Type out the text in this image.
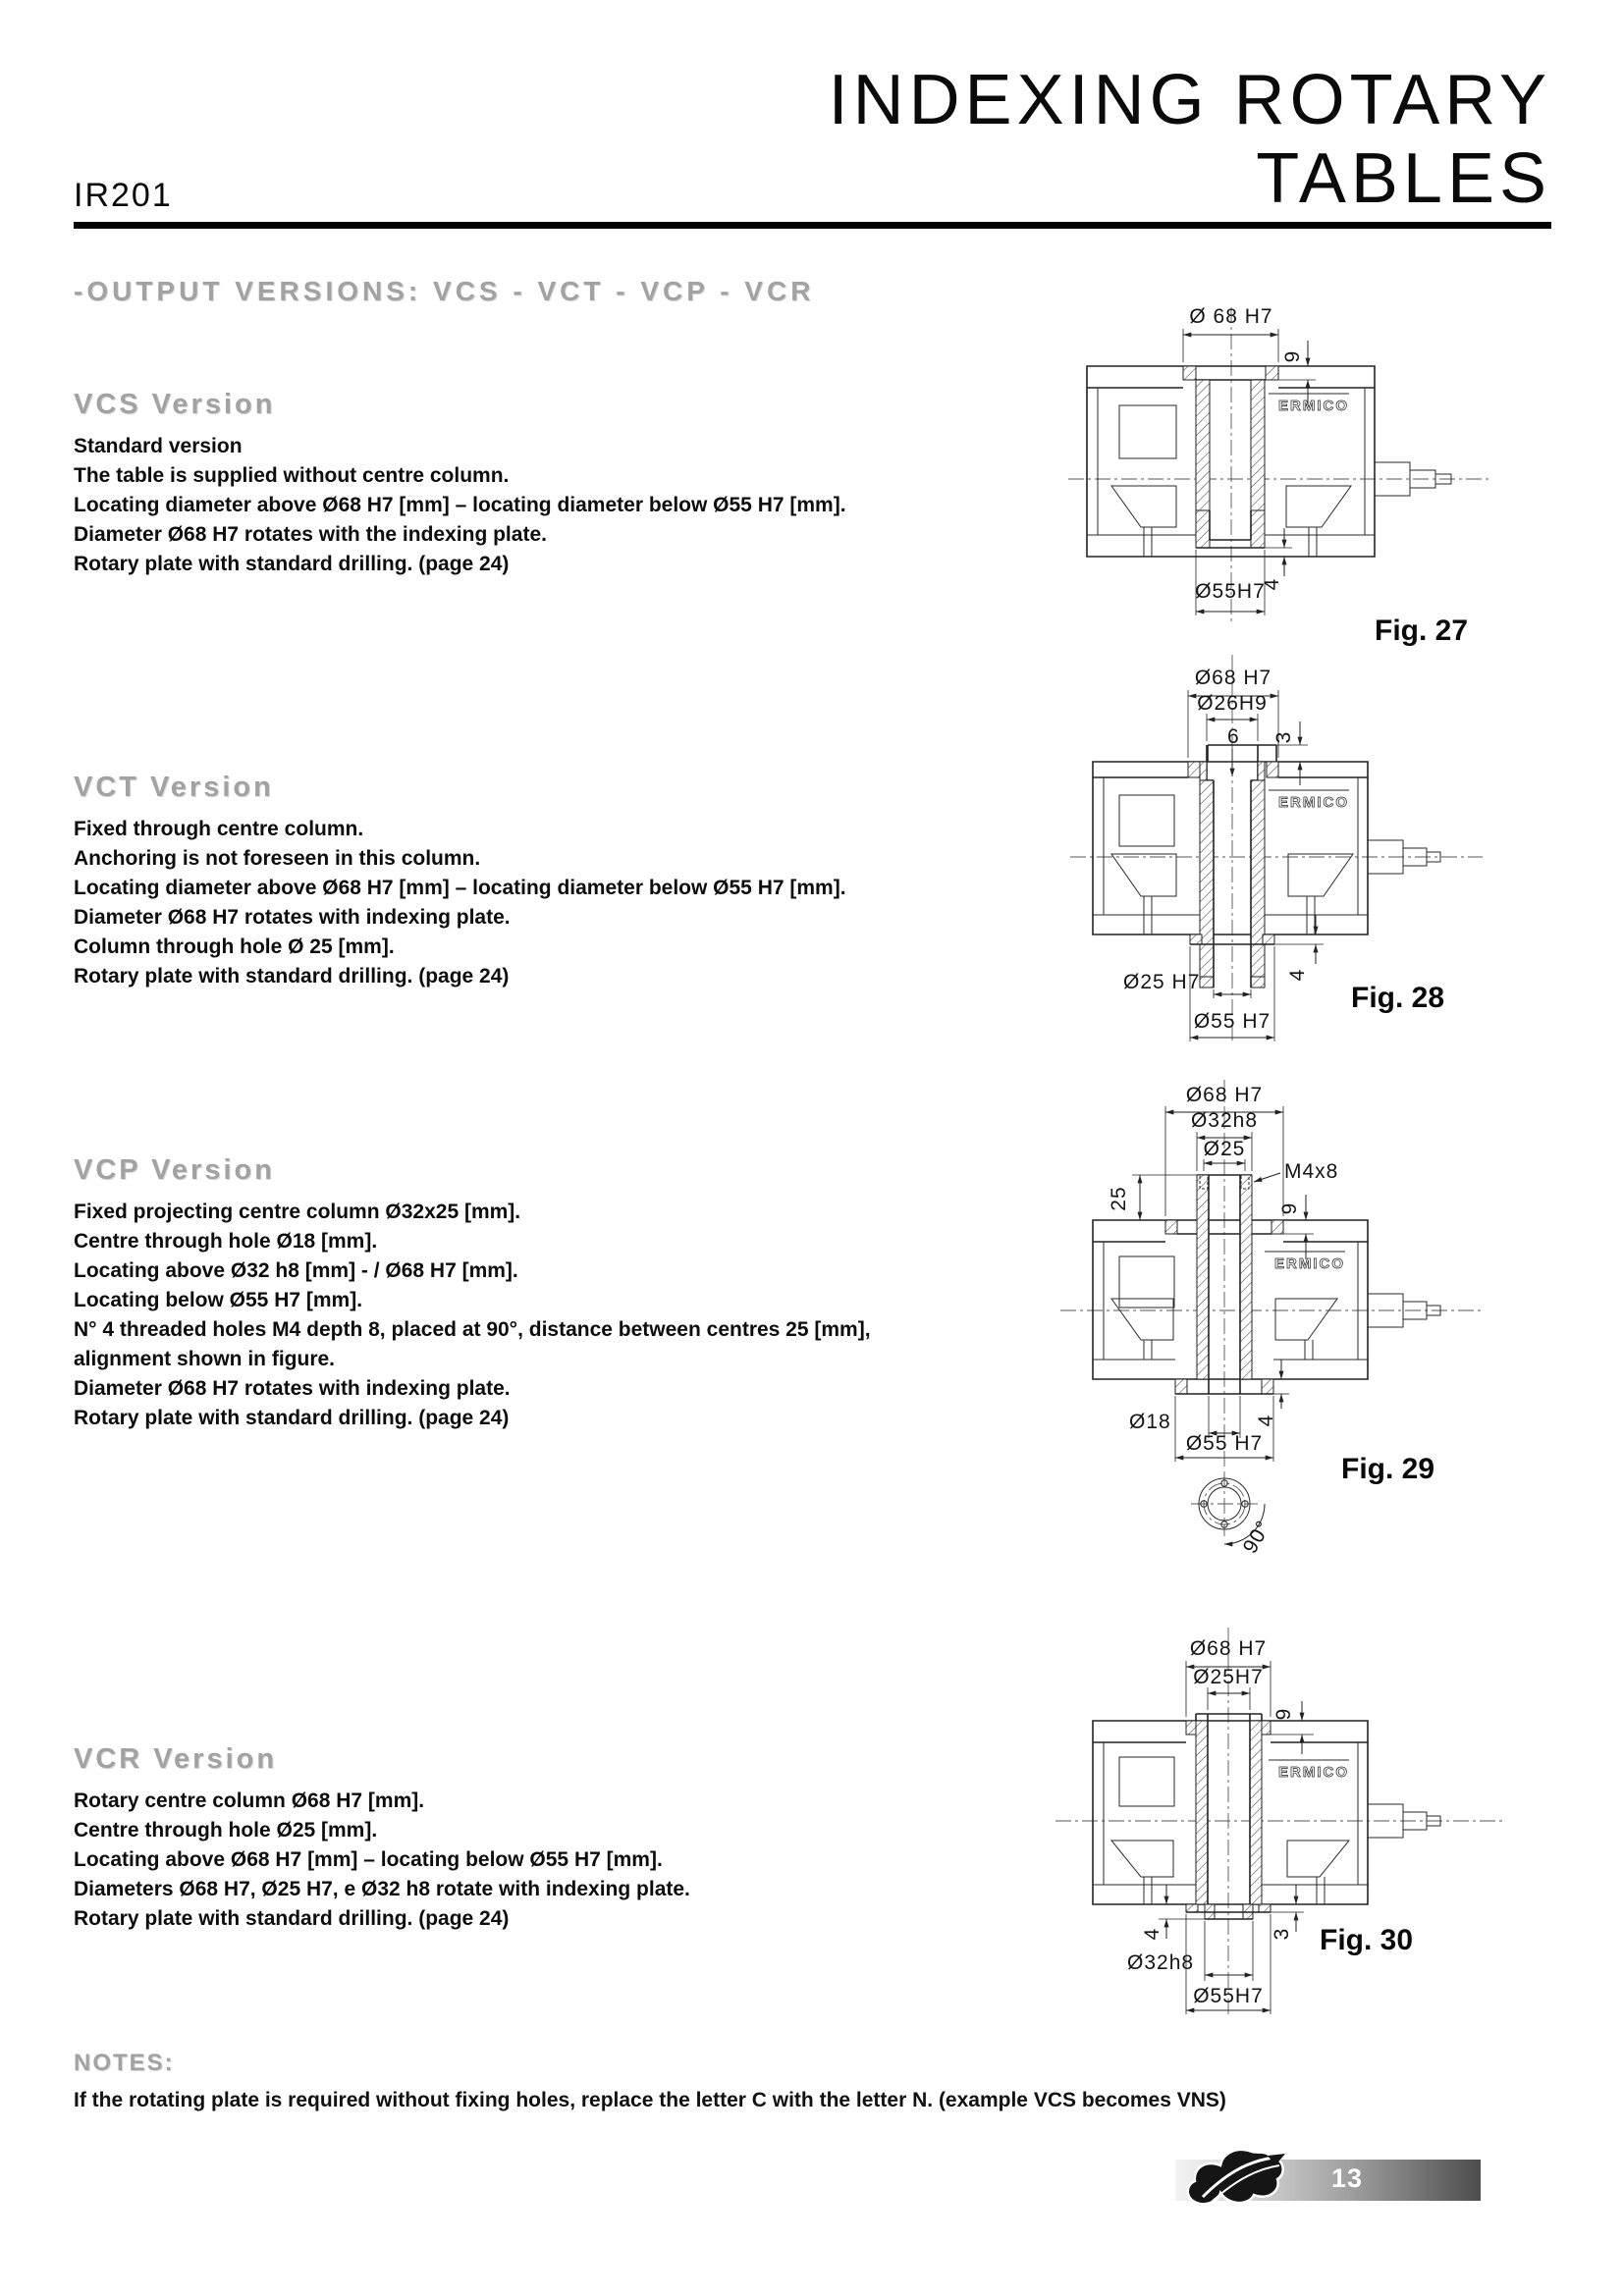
INDEXING ROTARY
TABLES
IR201
-OUTPUT VERSIONS: VCS - VCT - VCP - VCR
VCS Version
Standard version
The table is supplied without centre column.
Locating diameter above Ø68 H7 [mm] – locating diameter below Ø55 H7 [mm].
Diameter Ø68 H7 rotates with the indexing plate.
Rotary plate with standard drilling. (page 24)
VCT Version
Fixed through centre column.
Anchoring is not foreseen in this column.
Locating diameter above Ø68 H7 [mm] – locating diameter below Ø55 H7 [mm].
Diameter Ø68 H7 rotates with indexing plate.
Column through hole Ø 25 [mm].
Rotary plate with standard drilling. (page 24)
VCP Version
Fixed projecting centre column Ø32x25 [mm].
Centre through hole Ø18 [mm].
Locating above Ø32 h8 [mm] - / Ø68 H7 [mm].
Locating below Ø55 H7 [mm].
N° 4 threaded holes M4 depth 8, placed at 90°, distance between centres 25 [mm],
alignment shown in figure.
Diameter Ø68 H7 rotates with indexing plate.
Rotary plate with standard drilling. (page 24)
VCR Version
Rotary centre column Ø68 H7 [mm].
Centre through hole Ø25 [mm].
Locating above Ø68 H7 [mm] – locating below Ø55 H7 [mm].
Diameters Ø68 H7, Ø25 H7, e Ø32 h8 rotate with indexing plate.
Rotary plate with standard drilling. (page 24)
ERMICO
Ø 68 H7
9
Ø55H7
4
Fig. 27
ERMICO
Ø68 H7
Ø26H9
6 3
Ø25 H7
Ø55 H7
4
Fig. 28
ERMICO
Ø68 H7
Ø32h8
Ø25
M4x8
25	9
Ø18
Ø55 H7
4
90°
Fig. 29
ERMICO
Ø68 H7
Ø25H7
9
4	3
Ø32h8
Ø55H7
Fig. 30
NOTES:
If the rotating plate is required without fixing holes, replace the letter C with the letter N. (example VCS becomes VNS)
13
